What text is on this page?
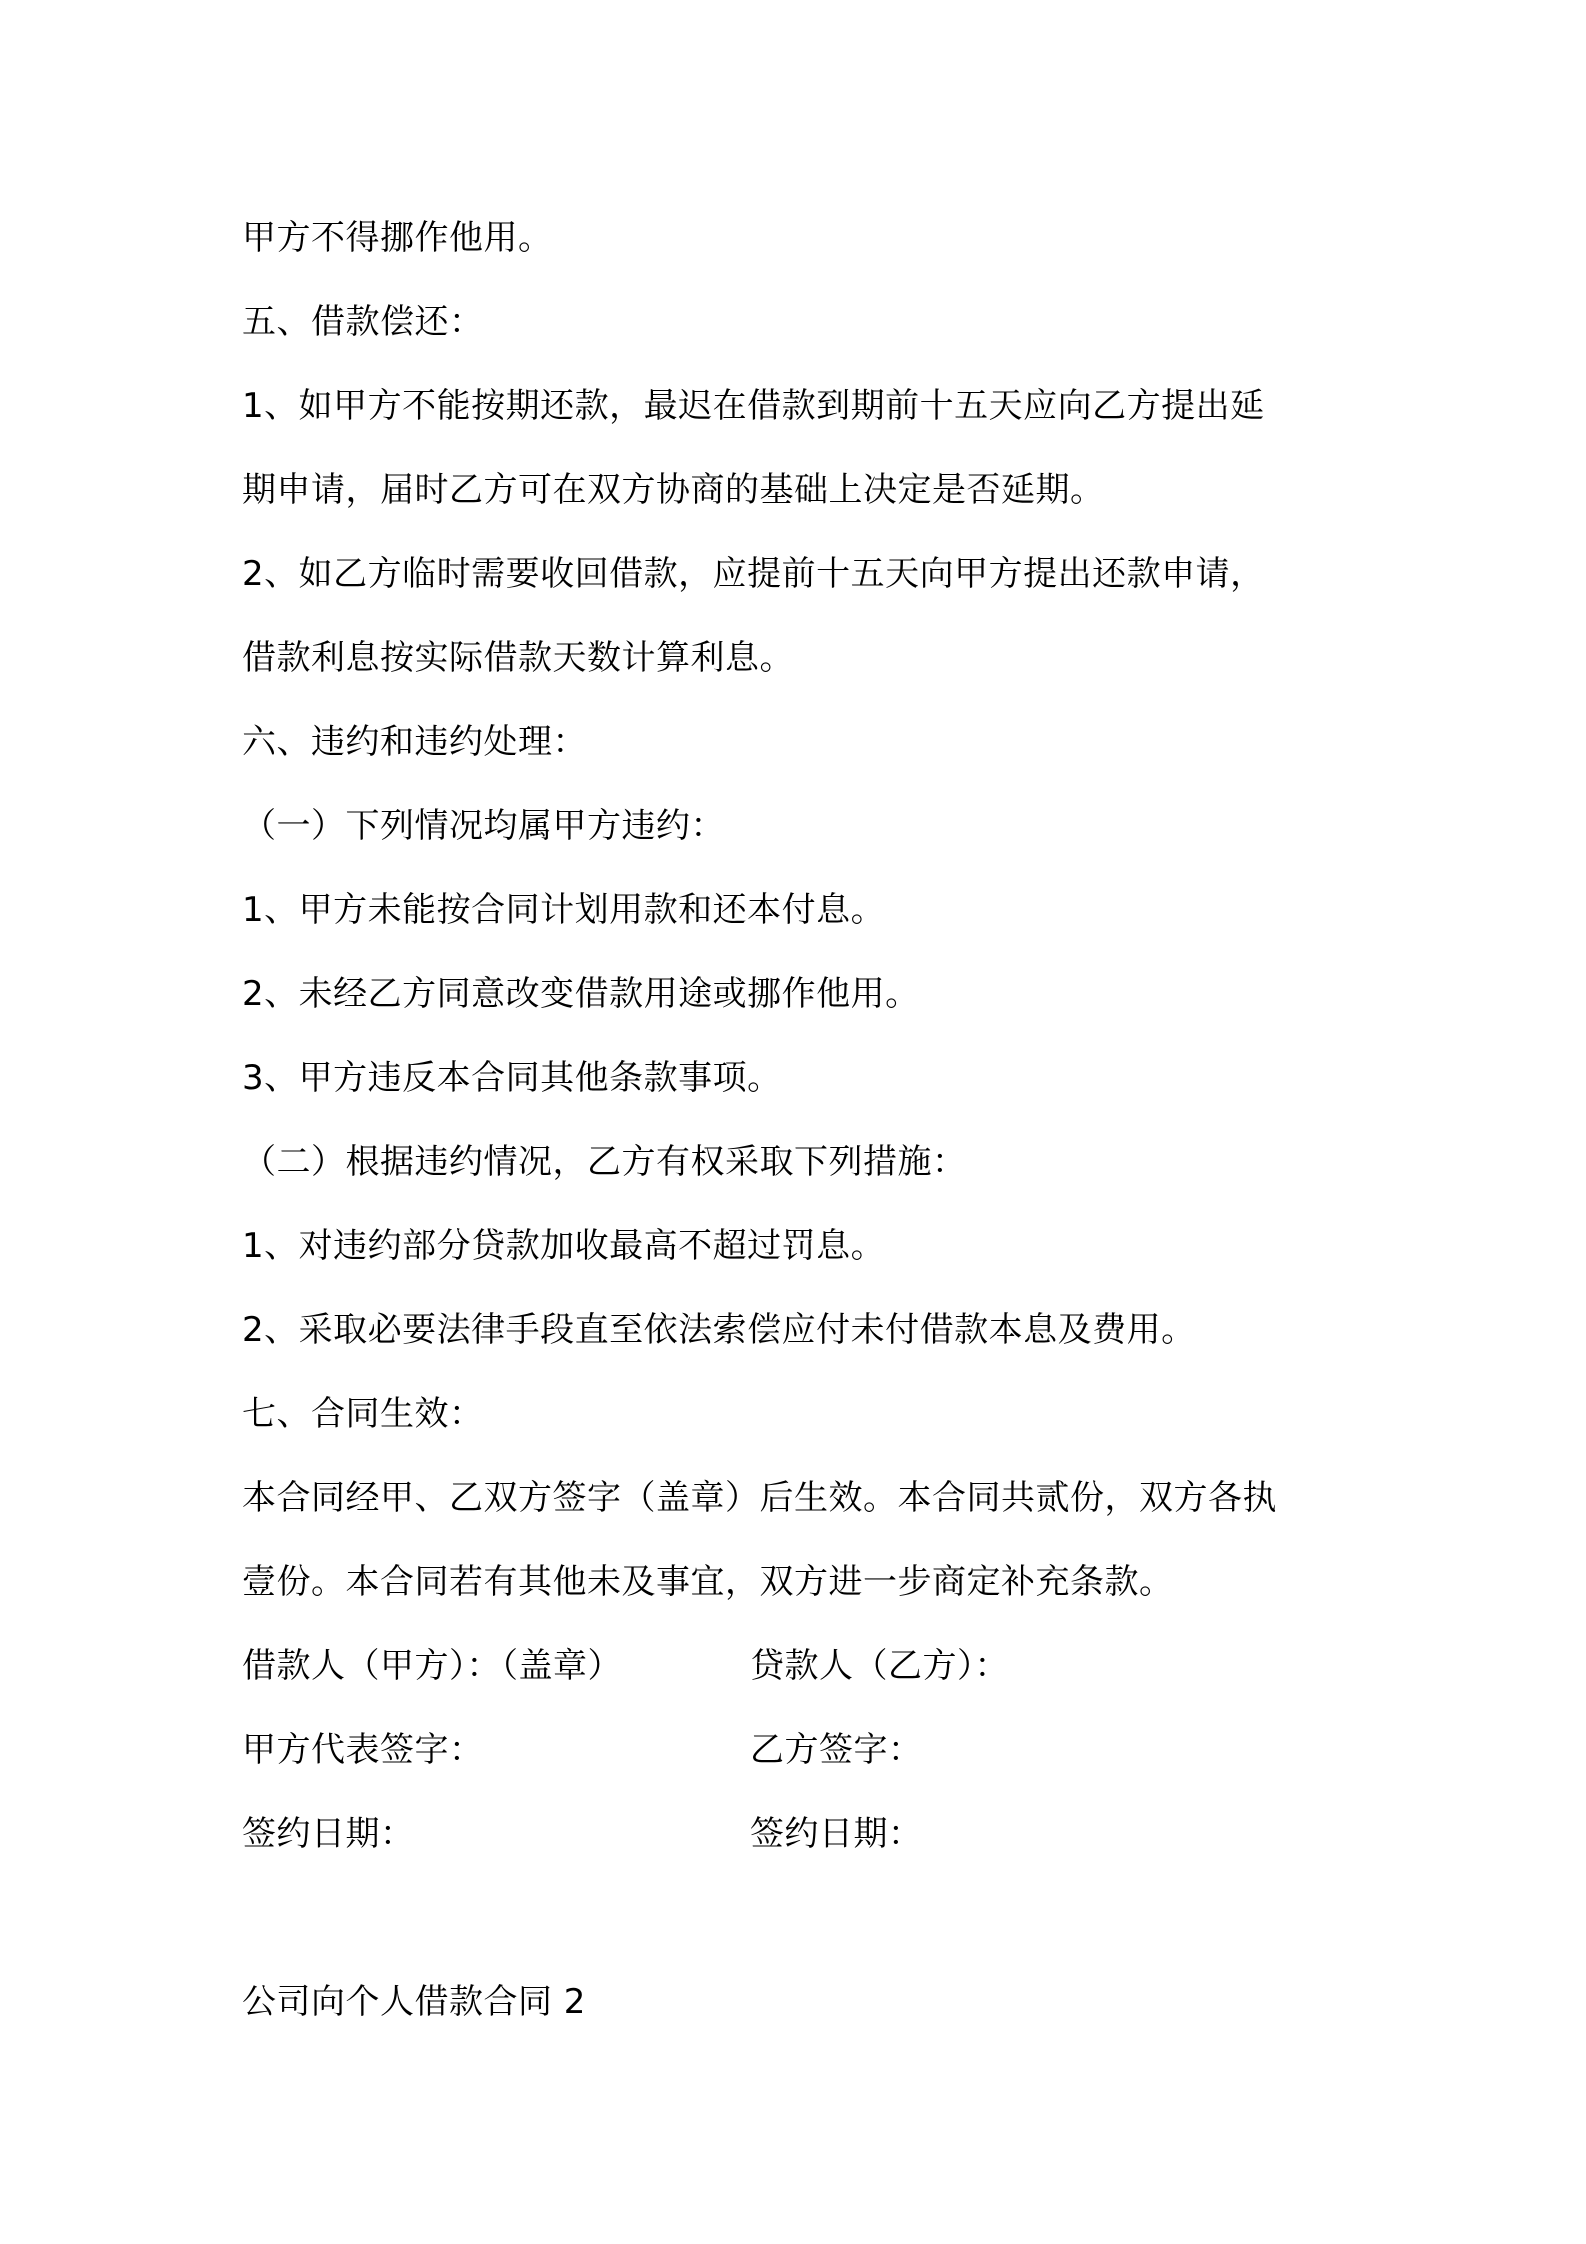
甲方不得挪作他用。
五、借款偿还：
1、如甲方不能按期还款，最迟在借款到期前十五天应向乙方提出延
期申请，届时乙方可在双方协商的基础上决定是否延期。
2、如乙方临时需要收回借款，应提前十五天向甲方提出还款申请，
借款利息按实际借款天数计算利息。
六、违约和违约处理：
（一）下列情况均属甲方违约：
1、甲方未能按合同计划用款和还本付息。
2、未经乙方同意改变借款用途或挪作他用。
3、甲方违反本合同其他条款事项。
（二）根据违约情况，乙方有权采取下列措施：
1、对违约部分贷款加收最高不超过罚息。
2、采取必要法律手段直至依法索偿应付未付借款本息及费用。
七、合同生效：
本合同经甲、乙双方签字（盖章）后生效。本合同共贰份，双方各执
壹份。本合同若有其他未及事宜，双方进一步商定补充条款。
借款人（甲方）：（盖章）	贷款人（乙方）：
甲方代表签字：	乙方签字：
签约日期：	签约日期：
公司向个人借款合同 2
